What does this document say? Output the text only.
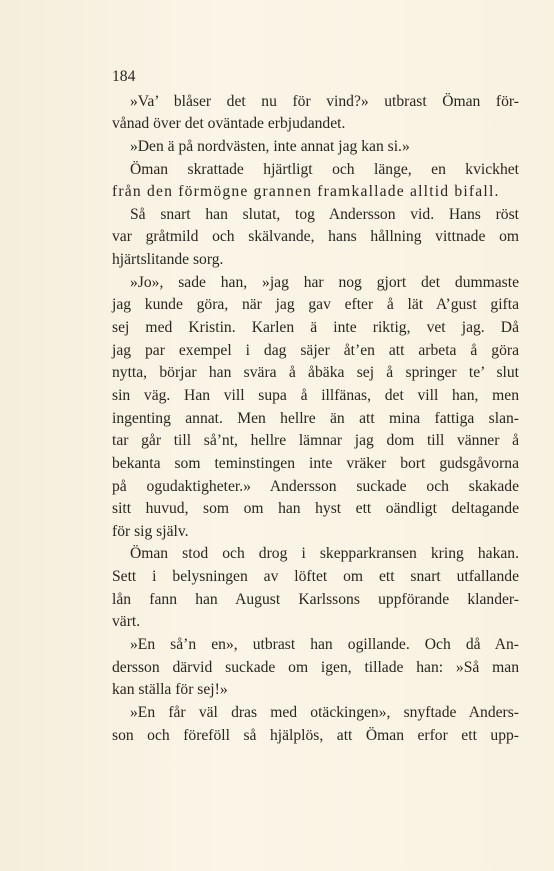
184
»Va’ blåser det nu för vind?» utbrast Öman för-
vånad över det oväntade erbjudandet.
»Den ä på nordvästen, inte annat jag kan si.»
Öman skrattade hjärtligt och länge, en kvickhet
från den förmögne grannen framkallade alltid bifall.
Så snart han slutat, tog Andersson vid. Hans röst
var gråtmild och skälvande, hans hållning vittnade om
hjärtslitande sorg.
»Jo», sade han, »jag har nog gjort det dummaste
jag kunde göra, när jag gav efter å lät A’gust gifta
sej med Kristin. Karlen ä inte riktig, vet jag. Då
jag par exempel i dag säjer åt’en att arbeta å göra
nytta, börjar han svära å åbäka sej å springer te’ slut
sin väg. Han vill supa å illfänas, det vill han, men
ingenting annat. Men hellre än att mina fattiga slan-
tar går till så’nt, hellre lämnar jag dom till vänner å
bekanta som teminstingen inte vräker bort gudsgåvorna
på ogudaktigheter.» Andersson suckade och skakade
sitt huvud, som om han hyst ett oändligt deltagande
för sig själv.
Öman stod och drog i skepparkransen kring hakan.
Sett i belysningen av löftet om ett snart utfallande
lån fann han August Karlssons uppförande klander-
värt.
»En så’n en», utbrast han ogillande. Och då An-
dersson därvid suckade om igen, tillade han: »Så man
kan ställa för sej!»
»En får väl dras med otäckingen», snyftade Anders-
son och föreföll så hjälplös, att Öman erfor ett upp-
